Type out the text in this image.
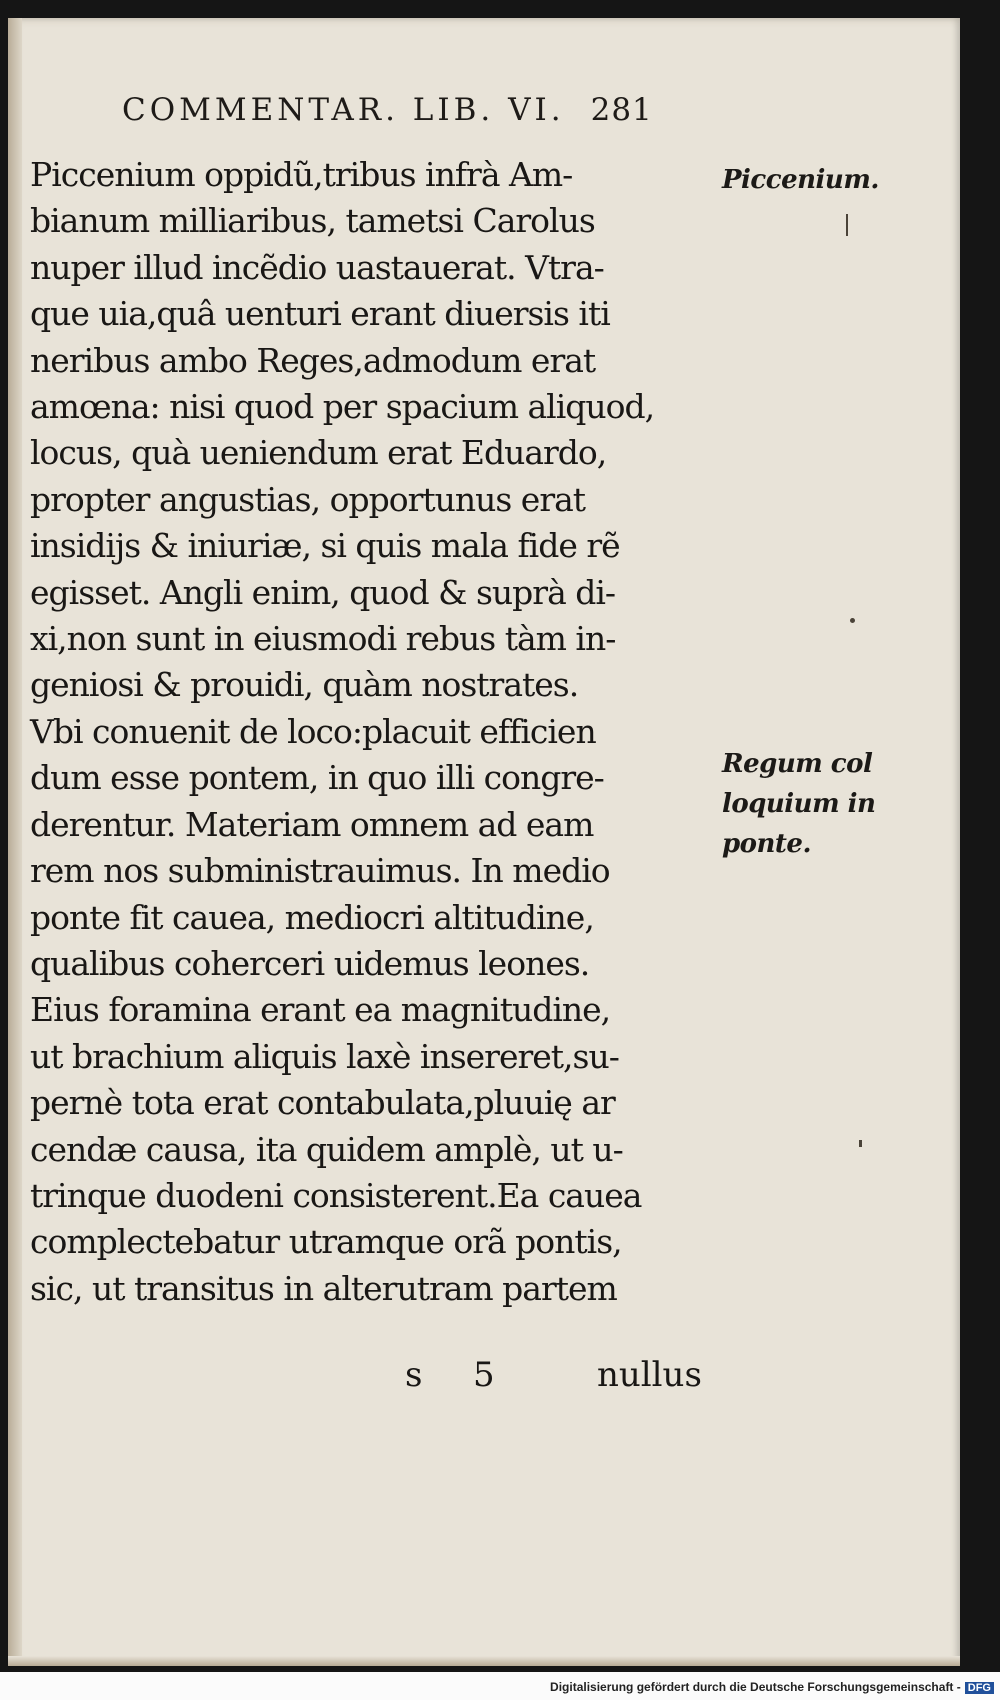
COMMENTAR. LIB. VI. 281
Piccenium oppidũ,tribus infrà Am-
bianum milliaribus, tametsi Carolus
nuper illud incẽdio uastauerat. Vtra-
que uia,quâ uenturi erant diuersis iti
neribus ambo Reges,admodum erat
amœna: nisi quod per spacium aliquod,
locus, quà ueniendum erat Eduardo,
propter angustias, opportunus erat
insidijs & iniuriæ, si quis mala fide rẽ
egisset. Angli enim, quod & suprà di-
xi,non sunt in eiusmodi rebus tàm in-
geniosi & prouidi, quàm nostrates.
Vbi conuenit de loco:placuit efficien
dum esse pontem, in quo illi congre-
derentur. Materiam omnem ad eam
rem nos subministrauimus. In medio
ponte fit cauea, mediocri altitudine,
qualibus coherceri uidemus leones.
Eius foramina erant ea magnitudine,
ut brachium aliquis laxè insereret,su-
pernè tota erat contabulata,pluuię ar
cendæ causa, ita quidem amplè, ut u-
trinque duodeni consisterent.Ea cauea
complectebatur utramque orã pontis,
sic, ut transitus in alterutram partem
s 5	nullus
Piccenium.
Regum col
loquium in
ponte.
Digitalisierung gefördert durch die Deutsche Forschungsgemeinschaft - DFG
